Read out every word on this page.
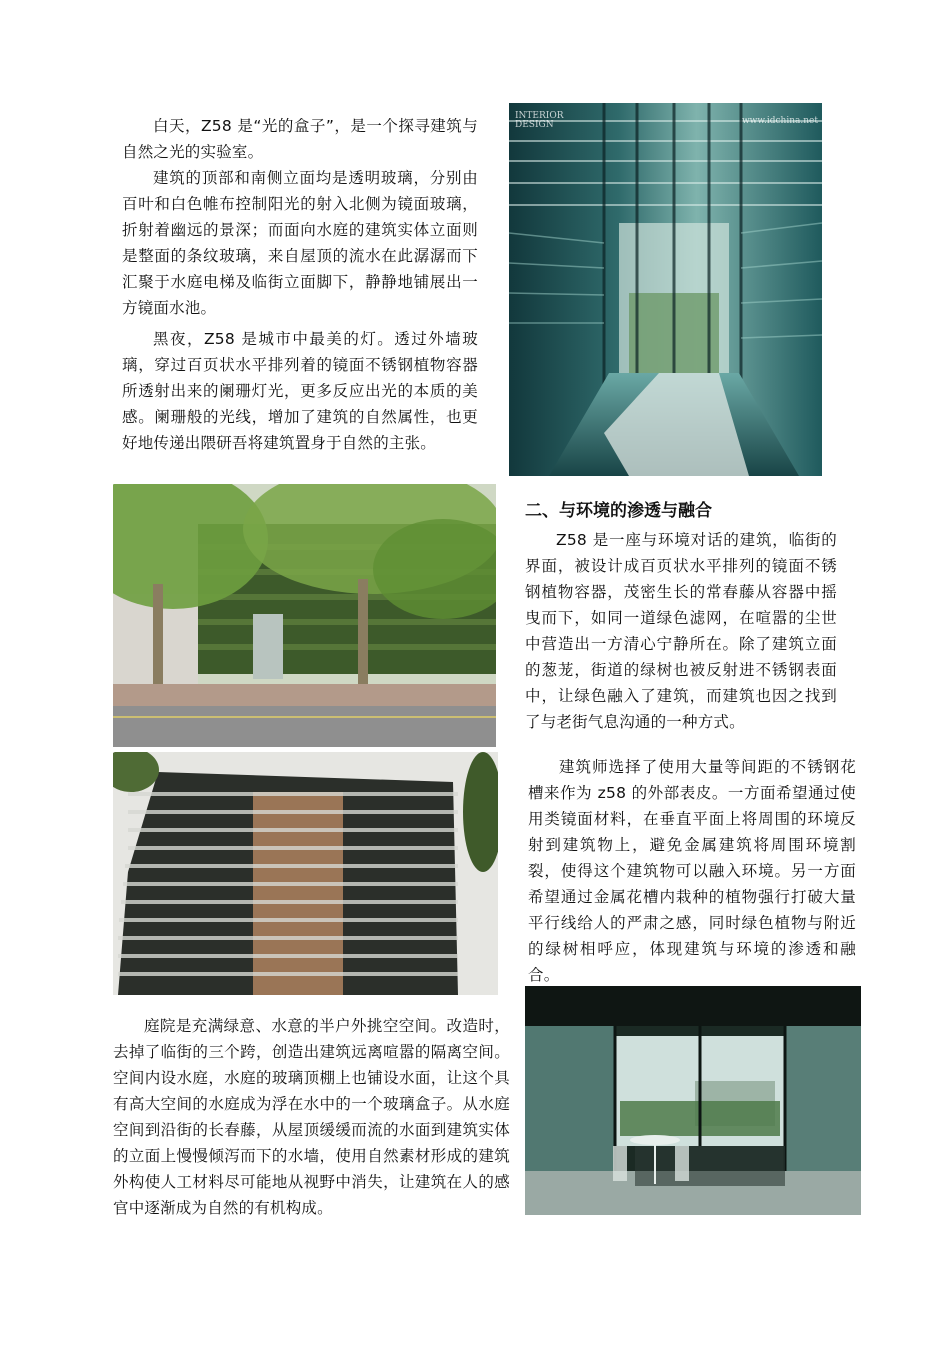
白天，Z58 是“光的盒子”，是一个探寻建筑与自然之光的实验室。

建筑的顶部和南侧立面均是透明玻璃，分别由百叶和白色帷布控制阳光的射入北侧为镜面玻璃，折射着幽远的景深；而面向水庭的建筑实体立面则是整面的条纹玻璃，来自屋顶的流水在此潺潺而下汇聚于水庭电梯及临街立面脚下，静静地铺展出一方镜面水池。

黑夜，Z58 是城市中最美的灯。透过外墙玻璃，穿过百页状水平排列着的镜面不锈钢植物容器所透射出来的阑珊灯光，更多反应出光的本质的美感。阑珊般的光线，增加了建筑的自然属性，也更好地传递出隈研吾将建筑置身于自然的主张。

INTERIOR
DESIGN	www.idchina.net
二、与环境的渗透与融合

Z58 是一座与环境对话的建筑，临街的界面，被设计成百页状水平排列的镜面不锈钢植物容器，茂密生长的常春藤从容器中摇曳而下，如同一道绿色滤网，在喧嚣的尘世中营造出一方清心宁静所在。除了建筑立面的葱茏，街道的绿树也被反射进不锈钢表面中，让绿色融入了建筑，而建筑也因之找到了与老街气息沟通的一种方式。

建筑师选择了使用大量等间距的不锈钢花槽来作为 z58 的外部表皮。一方面希望通过使用类镜面材料，在垂直平面上将周围的环境反射到建筑物上，避免金属建筑将周围环境割裂，使得这个建筑物可以融入环境。另一方面希望通过金属花槽内栽种的植物强行打破大量平行线给人的严肃之感，同时绿色植物与附近的绿树相呼应，体现建筑与环境的渗透和融合。

庭院是充满绿意、水意的半户外挑空空间。改造时，去掉了临街的三个跨，创造出建筑远离喧嚣的隔离空间。空间内设水庭，水庭的玻璃顶棚上也铺设水面，让这个具有高大空间的水庭成为浮在水中的一个玻璃盒子。从水庭空间到沿街的长春藤，从屋顶缓缓而流的水面到建筑实体的立面上慢慢倾泻而下的水墙，使用自然素材形成的建筑外构使人工材料尽可能地从视野中消失，让建筑在人的感官中逐渐成为自然的有机构成。
